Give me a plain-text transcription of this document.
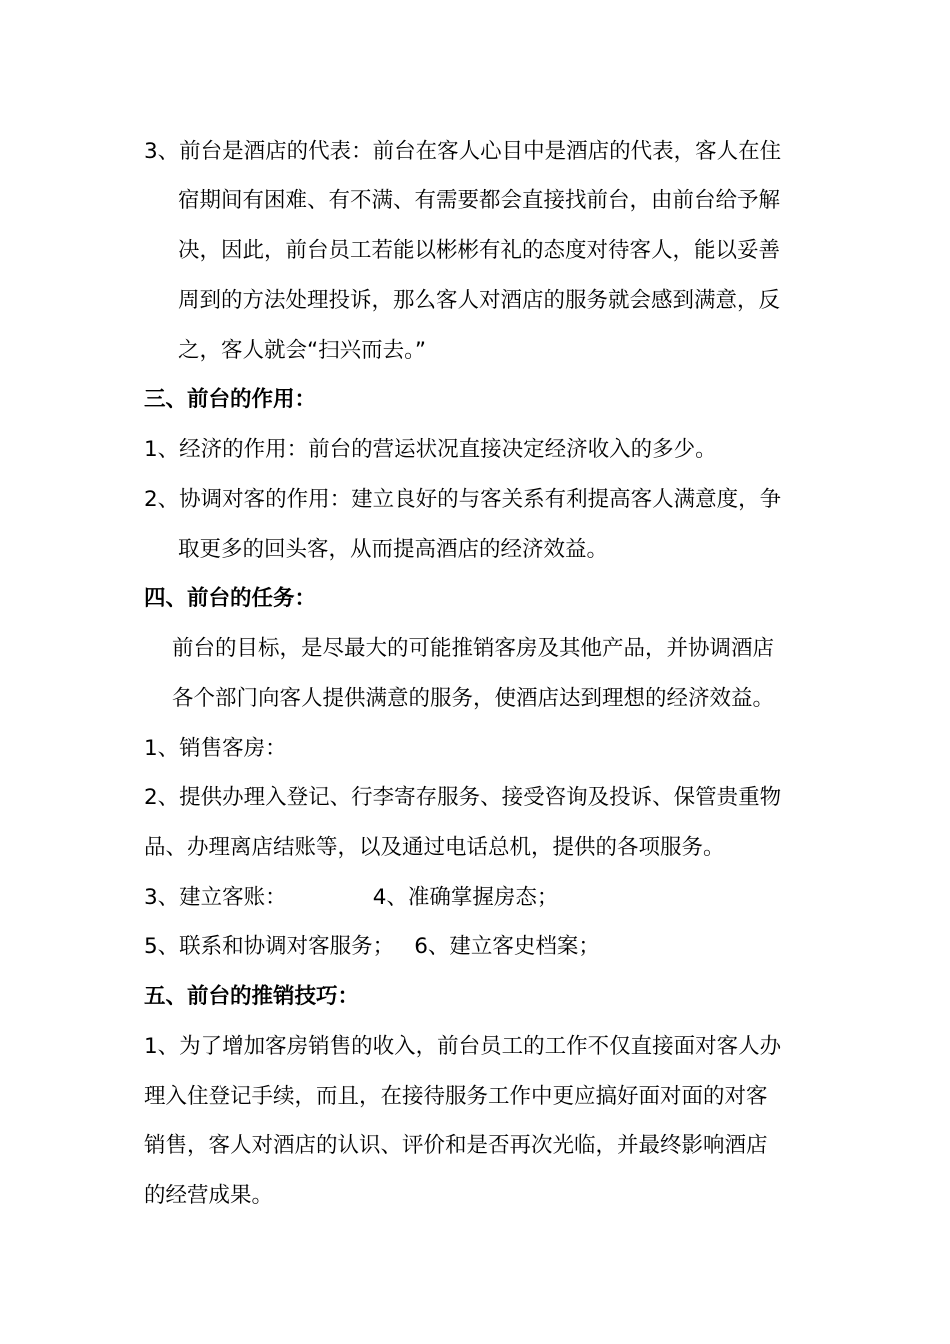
3、前台是酒店的代表：前台在客人心目中是酒店的代表，客人在住
宿期间有困难、有不满、有需要都会直接找前台，由前台给予解
决，因此，前台员工若能以彬彬有礼的态度对待客人，能以妥善
周到的方法处理投诉，那么客人对酒店的服务就会感到满意，反
之，客人就会“扫兴而去。”
三、前台的作用：
1、经济的作用：前台的营运状况直接决定经济收入的多少。
2、协调对客的作用：建立良好的与客关系有利提高客人满意度，争
取更多的回头客，从而提高酒店的经济效益。
四、前台的任务：
前台的目标，是尽最大的可能推销客房及其他产品，并协调酒店
各个部门向客人提供满意的服务，使酒店达到理想的经济效益。
1、销售客房：
2、提供办理入登记、行李寄存服务、接受咨询及投诉、保管贵重物
品、办理离店结账等，以及通过电话总机，提供的各项服务。
3、建立客账：	4、准确掌握房态；
5、联系和协调对客服务； 6、建立客史档案；
五、前台的推销技巧：
1、为了增加客房销售的收入，前台员工的工作不仅直接面对客人办
理入住登记手续，而且，在接待服务工作中更应搞好面对面的对客
销售，客人对酒店的认识、评价和是否再次光临，并最终影响酒店
的经营成果。
